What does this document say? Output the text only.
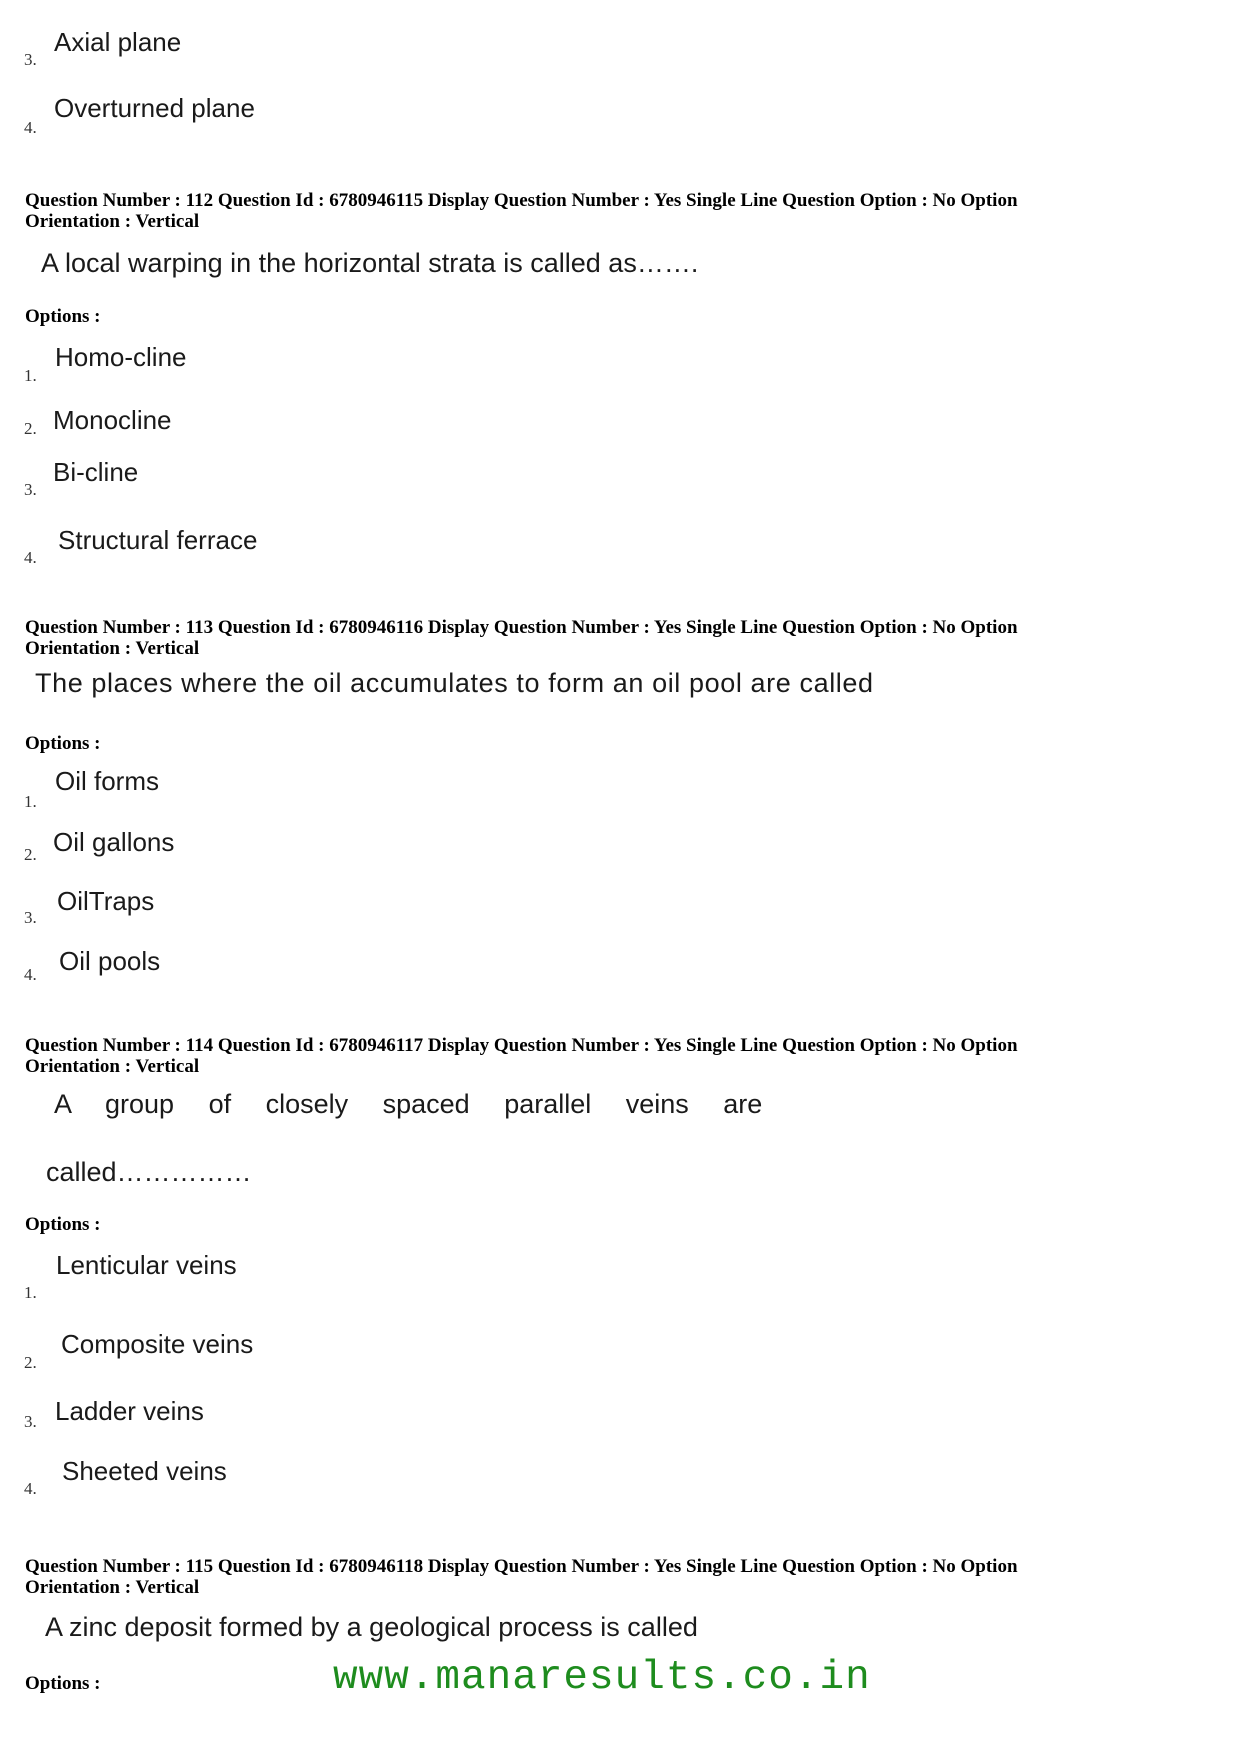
3.
Axial plane
4.
Overturned plane
Question Number : 112 Question Id : 6780946115 Display Question Number : Yes Single Line Question Option : No Option
Orientation : Vertical
A local warping in the horizontal strata is called as…….
Options :
1.
Homo-cline
2. Monocline
3.
Bi-cline
4.
Structural ferrace
Question Number : 113 Question Id : 6780946116 Display Question Number : Yes Single Line Question Option : No Option
Orientation : Vertical
The places where the oil accumulates to form an oil pool are called
Options :
1.
Oil forms
2. Oil gallons
3.
OilTraps
4. Oil pools
Question Number : 114 Question Id : 6780946117 Display Question Number : Yes Single Line Question Option : No Option
Orientation : Vertical
A group of closely spaced parallel veins are
called……………
Options :
1.
Lenticular veins
2.
Composite veins
3. Ladder veins
4.
Sheeted veins
Question Number : 115 Question Id : 6780946118 Display Question Number : Yes Single Line Question Option : No Option
Orientation : Vertical
A zinc deposit formed by a geological process is called
Options :	www.manaresults.co.in
